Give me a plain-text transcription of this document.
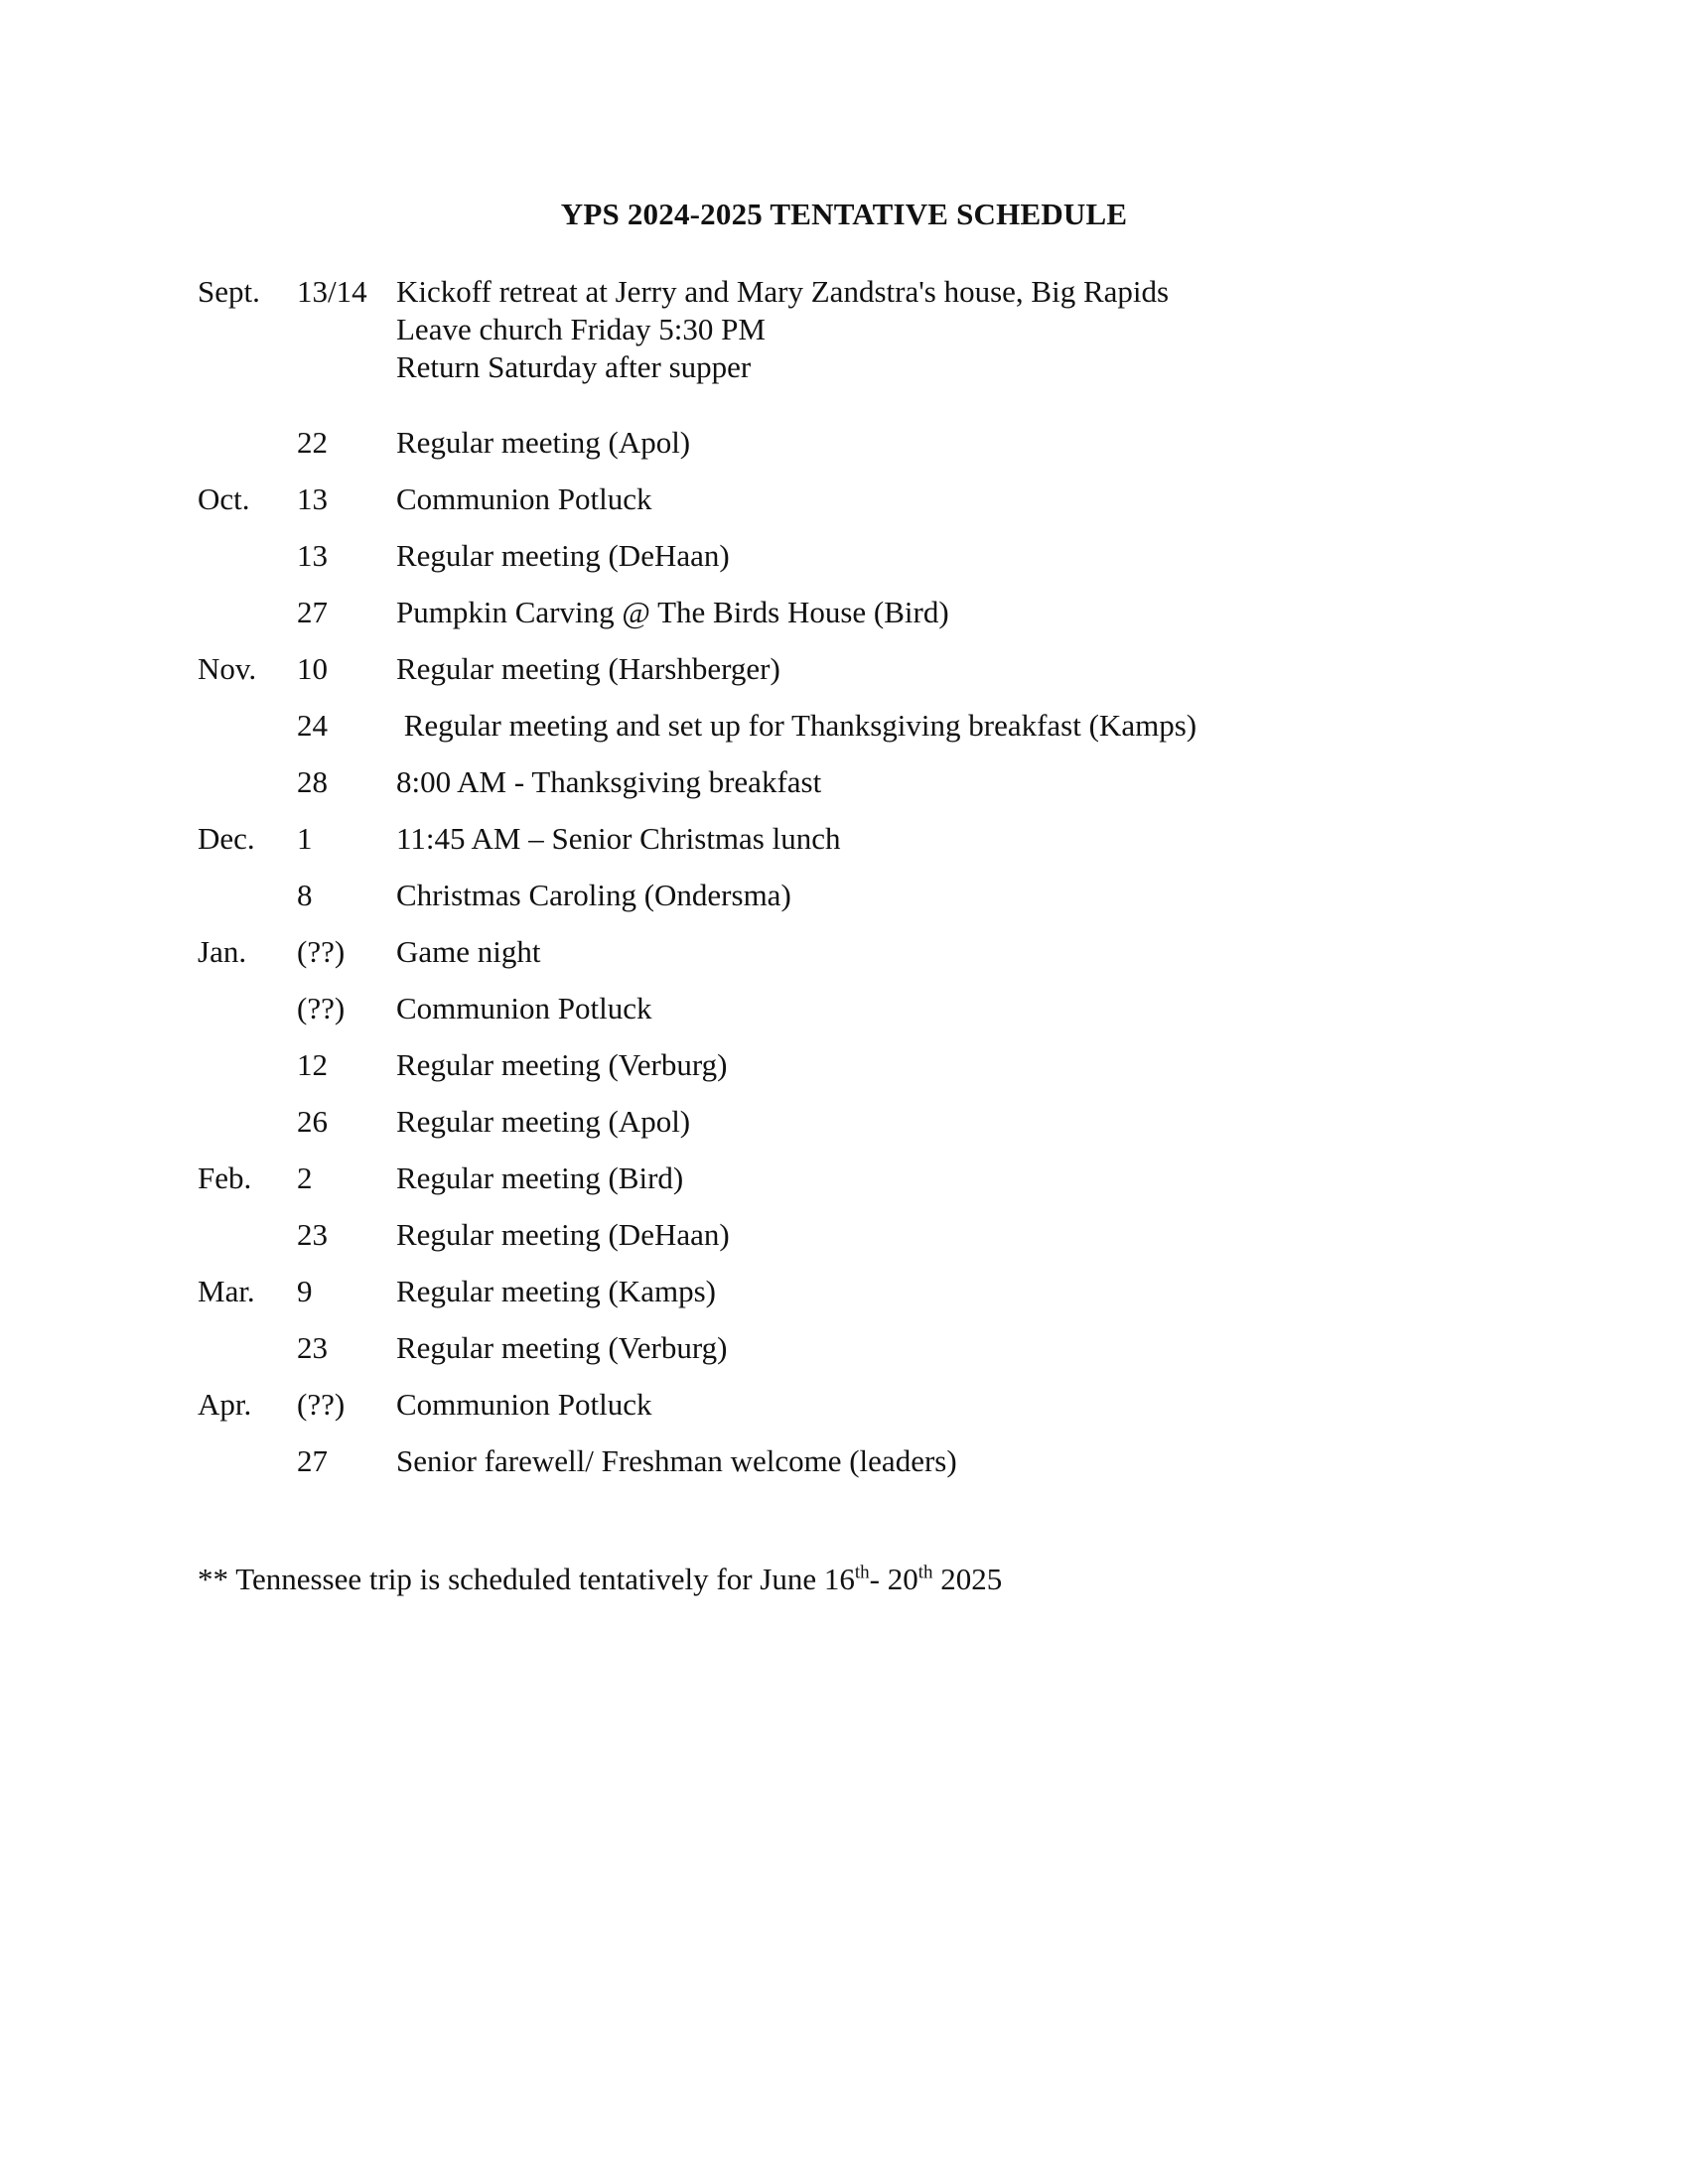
YPS 2024-2025 TENTATIVE SCHEDULE
Sept.	13/14 Kickoff retreat at Jerry and Mary Zandstra's house, Big Rapids
Leave church Friday 5:30 PM
Return Saturday after supper
22	Regular meeting (Apol)
Oct.	13	Communion Potluck
13	Regular meeting (DeHaan)
27	Pumpkin Carving @ The Birds House (Bird)
Nov.	10	Regular meeting (Harshberger)
24	Regular meeting and set up for Thanksgiving breakfast (Kamps)
28	8:00 AM - Thanksgiving breakfast
Dec.	1	11:45 AM – Senior Christmas lunch
8	Christmas Caroling (Ondersma)
Jan.	(??)	Game night
(??)	Communion Potluck
12	Regular meeting (Verburg)
26	Regular meeting (Apol)
Feb.	2	Regular meeting (Bird)
23	Regular meeting (DeHaan)
Mar.	9	Regular meeting (Kamps)
23	Regular meeting (Verburg)
Apr.	(??)	Communion Potluck
27	Senior farewell/ Freshman welcome (leaders)
** Tennessee trip is scheduled tentatively for June 16th- 20th 2025
